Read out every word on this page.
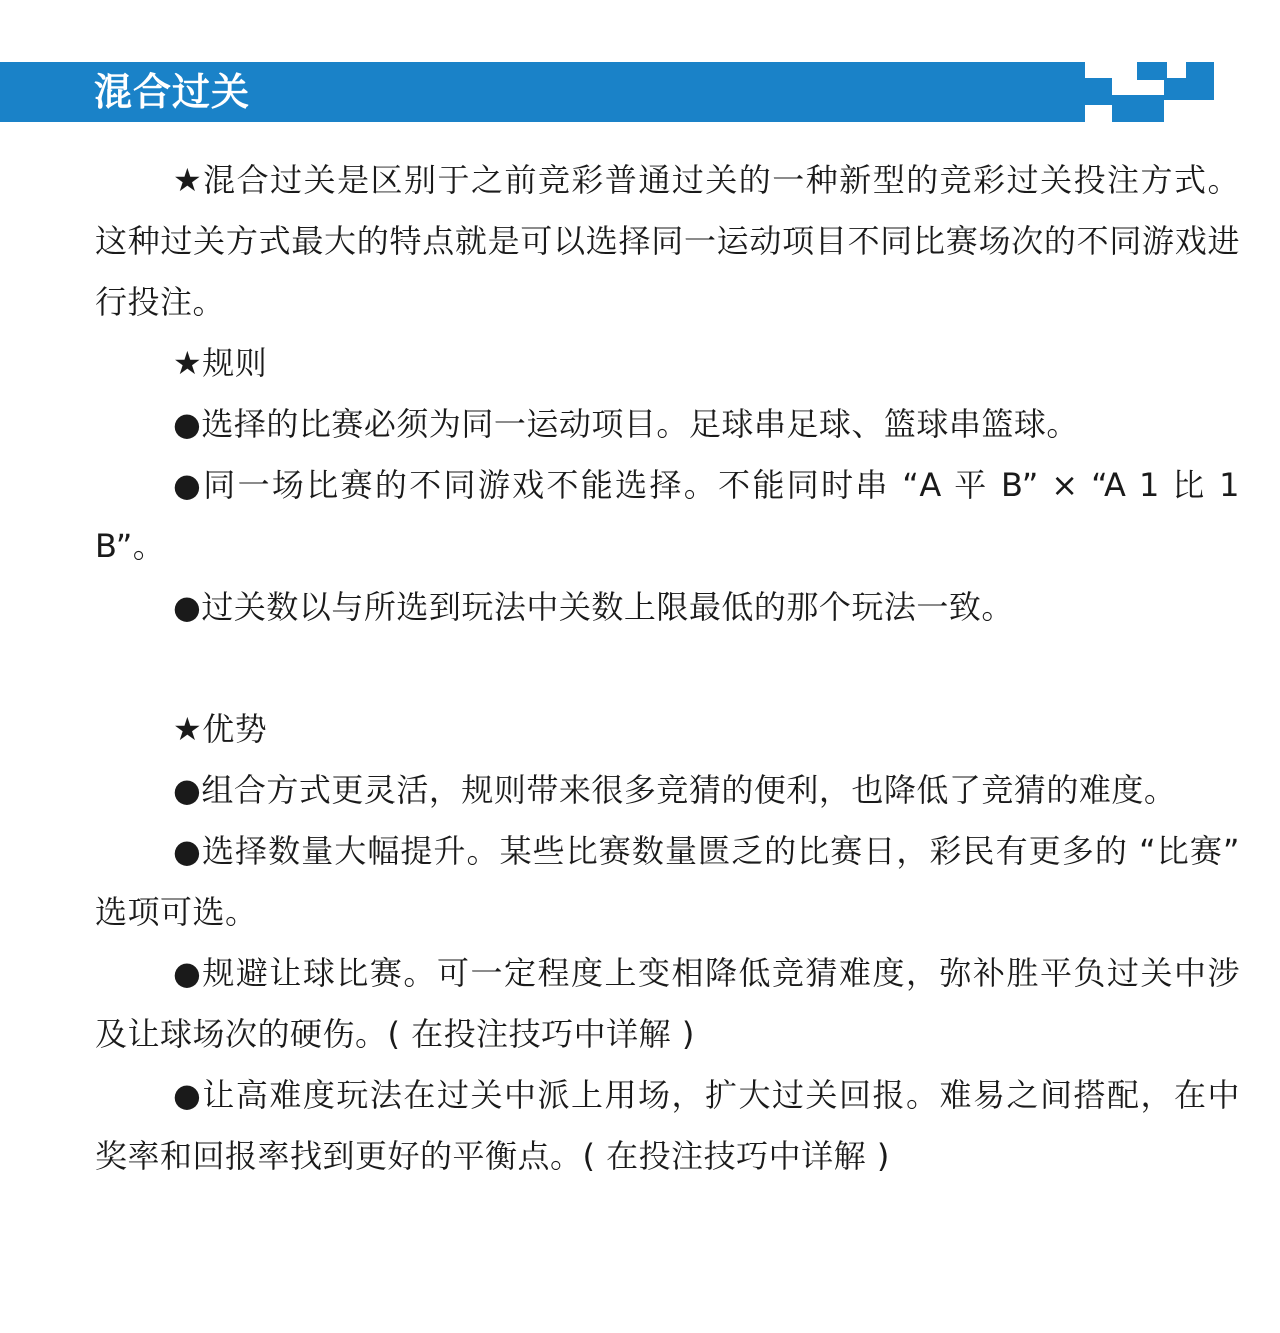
混合过关

★混合过关是区别于之前竞彩普通过关的一种新型的竞彩过关投注方式。这种过关方式最大的特点就是可以选择同一运动项目不同比赛场次的不同游戏进行投注。

★规则

●选择的比赛必须为同一运动项目。足球串足球、篮球串篮球。

●同一场比赛的不同游戏不能选择。不能同时串 “A 平 B” × “A 1 比 1 B”。

●过关数以与所选到玩法中关数上限最低的那个玩法一致。

★优势

●组合方式更灵活，规则带来很多竞猜的便利，也降低了竞猜的难度。

●选择数量大幅提升。某些比赛数量匮乏的比赛日，彩民有更多的 “比赛” 选项可选。

●规避让球比赛。可一定程度上变相降低竞猜难度，弥补胜平负过关中涉及让球场次的硬伤。( 在投注技巧中详解 )

●让高难度玩法在过关中派上用场，扩大过关回报。难易之间搭配，在中奖率和回报率找到更好的平衡点。( 在投注技巧中详解 )
